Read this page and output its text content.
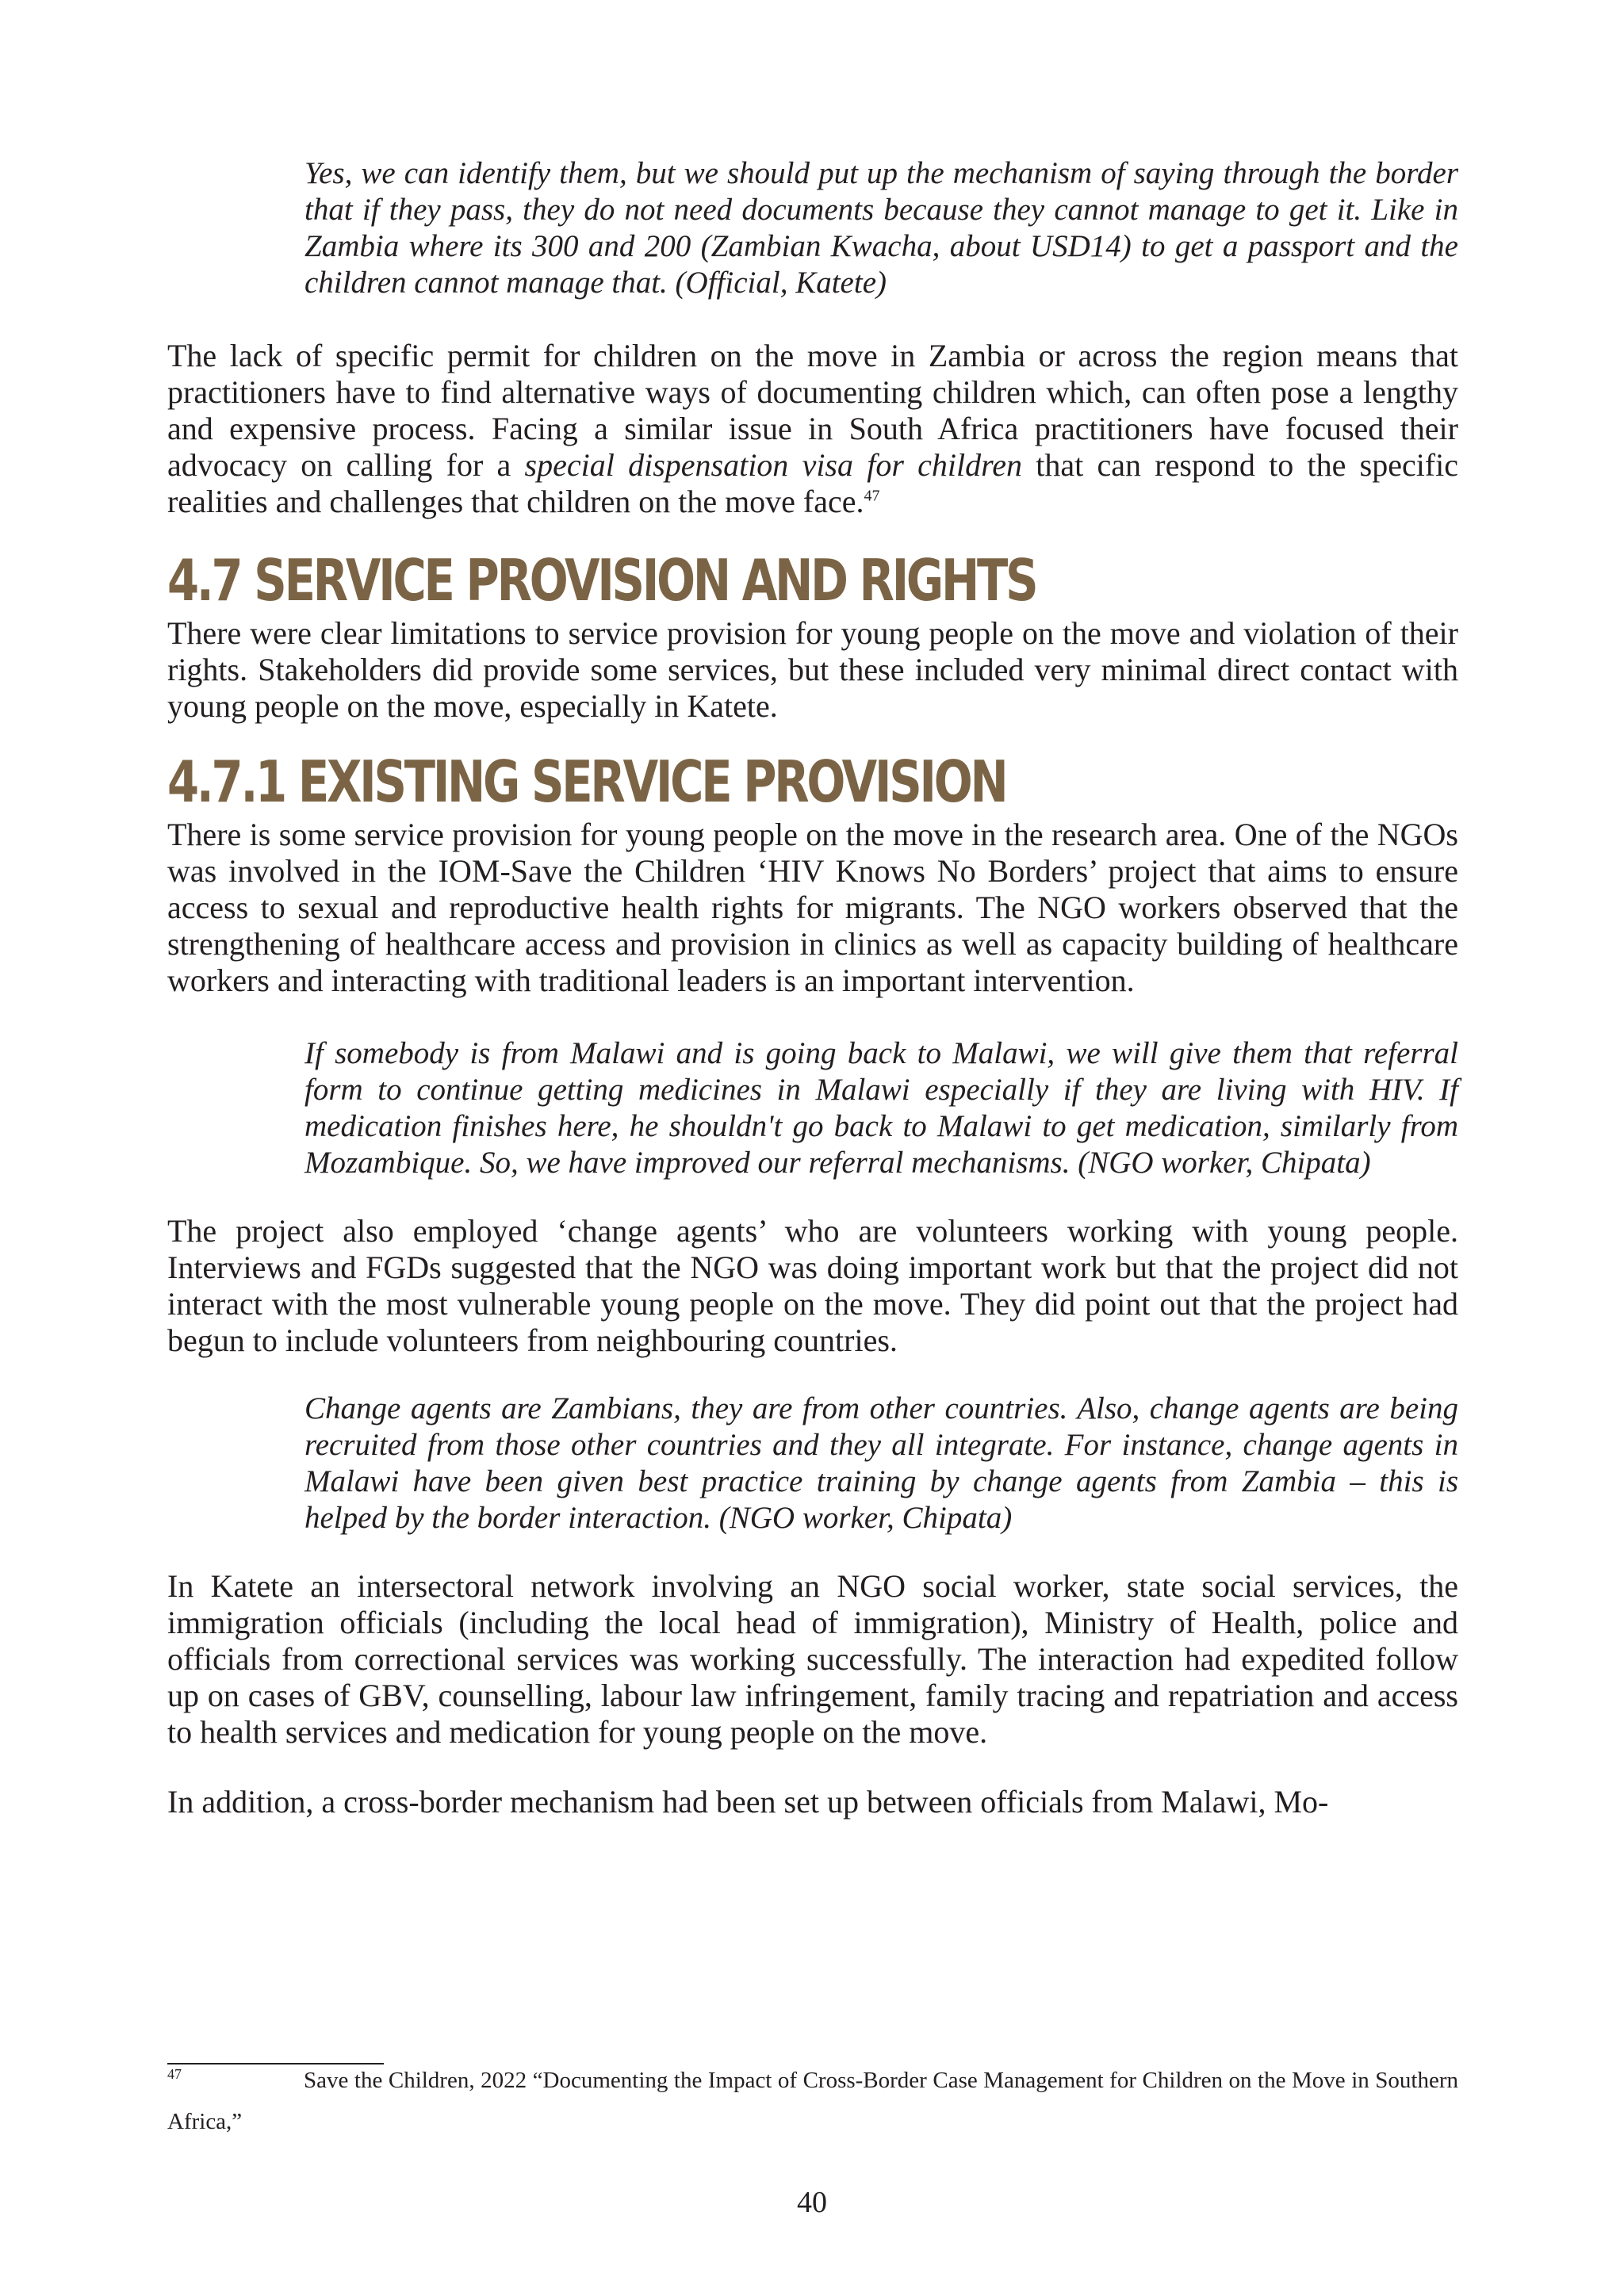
Yes, we can identify them, but we should put up the mechanism of saying through the border that if they pass, they do not need documents because they cannot manage to get it. Like in Zambia where its 300 and 200 (Zambian Kwacha, about USD14) to get a passport and the children cannot manage that. (Official, Katete)

The lack of specific permit for children on the move in Zambia or across the region means that practitioners have to find alternative ways of documenting children which, can often pose a lengthy and expensive process. Facing a similar issue in South Africa practitioners have focused their advocacy on calling for a special dispensation visa for children that can respond to the specific realities and challenges that children on the move face.$^{47}$

4.7 SERVICE PROVISION AND RIGHTS

There were clear limitations to service provision for young people on the move and violation of their rights. Stakeholders did provide some services, but these included very minimal direct contact with young people on the move, especially in Katete.

4.7.1 EXISTING SERVICE PROVISION

There is some service provision for young people on the move in the research area. One of the NGOs was involved in the IOM-Save the Children ‘HIV Knows No Borders’ project that aims to ensure access to sexual and reproductive health rights for migrants. The NGO workers observed that the strengthening of healthcare access and provision in clinics as well as capacity building of healthcare workers and interacting with traditional leaders is an important intervention.

If somebody is from Malawi and is going back to Malawi, we will give them that referral form to continue getting medicines in Malawi especially if they are living with HIV. If medication finishes here, he shouldn't go back to Malawi to get medication, similarly from Mozambique. So, we have improved our referral mechanisms. (NGO worker, Chipata)

The project also employed ‘change agents’ who are volunteers working with young people. Interviews and FGDs suggested that the NGO was doing important work but that the project did not interact with the most vulnerable young people on the move. They did point out that the project had begun to include volunteers from neighbouring countries.

Change agents are Zambians, they are from other countries. Also, change agents are being recruited from those other countries and they all integrate. For instance, change agents in Malawi have been given best practice training by change agents from Zambia – this is helped by the border interaction. (NGO worker, Chipata)

In Katete an intersectoral network involving an NGO social worker, state social services, the immigration officials (including the local head of immigration), Ministry of Health, police and officials from correctional services was working successfully. The interaction had expedited follow up on cases of GBV, counselling, labour law infringement, family tracing and repatriation and access to health services and medication for young people on the move.

In addition, a cross-border mechanism had been set up between officials from Malawi, Mo-

47	Save the Children, 2022 “Documenting the Impact of Cross-Border Case Management for Children on the Move in Southern Africa,”
40
